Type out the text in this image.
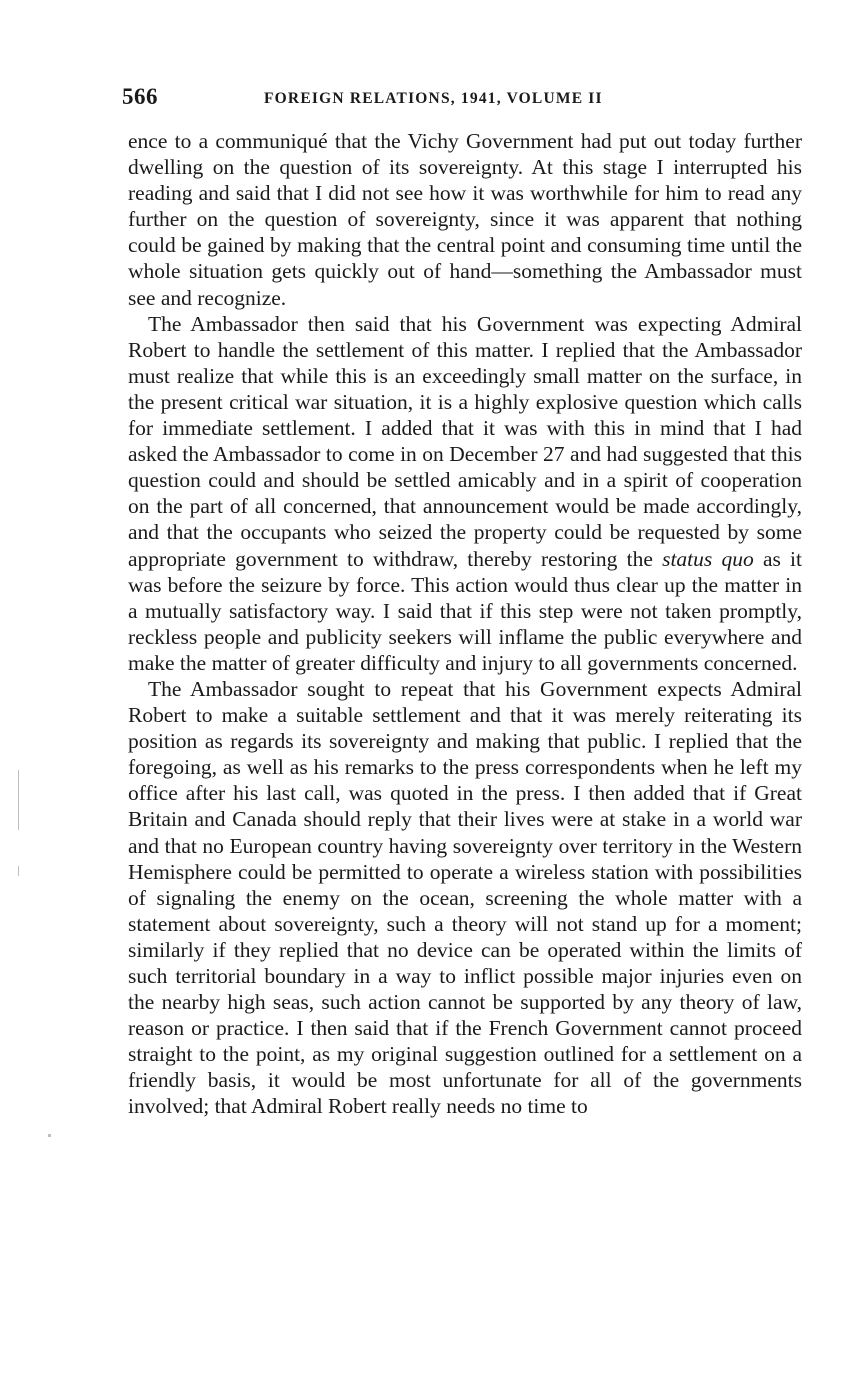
566	FOREIGN RELATIONS, 1941, VOLUME II

ence to a communiqué that the Vichy Government had put out today further dwelling on the question of its sovereignty. At this stage I interrupted his reading and said that I did not see how it was worthwhile for him to read any further on the question of sovereignty, since it was apparent that nothing could be gained by making that the central point and consuming time until the whole situation gets quickly out of hand—something the Ambassador must see and recognize.

The Ambassador then said that his Government was expecting Admiral Robert to handle the settlement of this matter. I replied that the Ambassador must realize that while this is an exceedingly small matter on the surface, in the present critical war situation, it is a highly explosive question which calls for immediate settlement. I added that it was with this in mind that I had asked the Ambassador to come in on December 27 and had suggested that this question could and should be settled amicably and in a spirit of cooperation on the part of all concerned, that announcement would be made accordingly, and that the occupants who seized the property could be requested by some appropriate government to withdraw, thereby restoring the status quo as it was before the seizure by force. This action would thus clear up the matter in a mutually satisfactory way. I said that if this step were not taken promptly, reckless people and publicity seekers will inflame the public everywhere and make the matter of greater difficulty and injury to all governments concerned.

The Ambassador sought to repeat that his Government expects Admiral Robert to make a suitable settlement and that it was merely reiterating its position as regards its sovereignty and making that public. I replied that the foregoing, as well as his remarks to the press correspondents when he left my office after his last call, was quoted in the press. I then added that if Great Britain and Canada should reply that their lives were at stake in a world war and that no European country having sovereignty over territory in the Western Hemisphere could be permitted to operate a wireless station with possibilities of signaling the enemy on the ocean, screening the whole matter with a statement about sovereignty, such a theory will not stand up for a moment; similarly if they replied that no device can be operated within the limits of such territorial boundary in a way to inflict possible major injuries even on the nearby high seas, such action cannot be supported by any theory of law, reason or practice. I then said that if the French Government cannot proceed straight to the point, as my original suggestion outlined for a settlement on a friendly basis, it would be most unfortunate for all of the governments involved; that Admiral Robert really needs no time to
